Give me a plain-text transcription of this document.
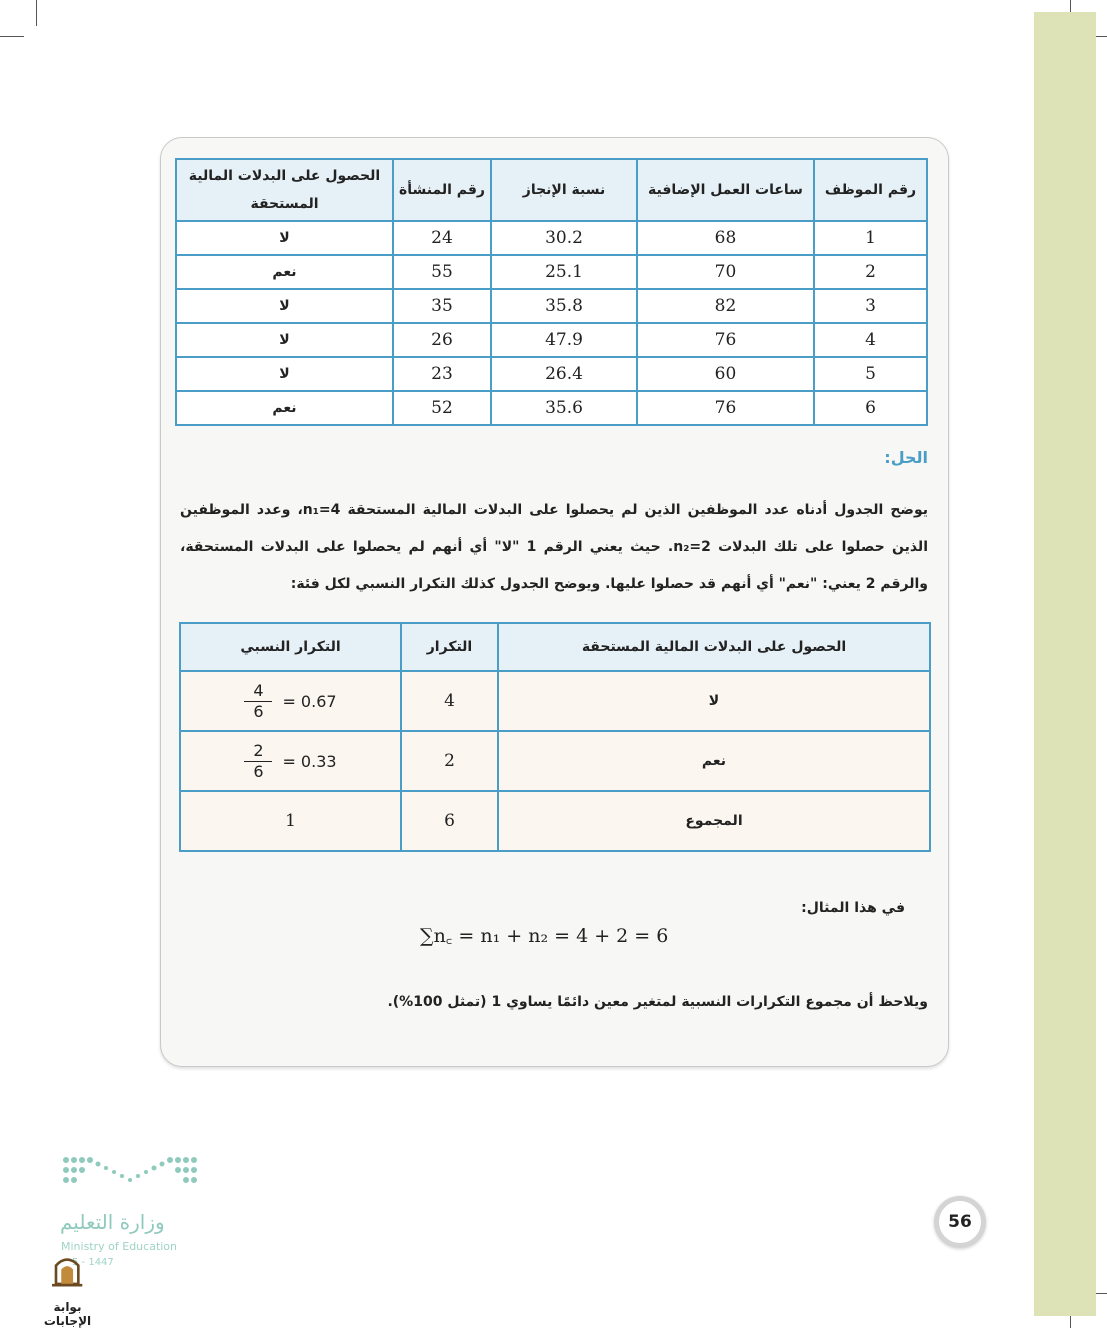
رقم الموظف	ساعات العمل الإضافية	نسبة الإنجاز	رقم المنشأة	الحصول على البدلات المالية المستحقة
1	68	30.2	24	لا
2	70	25.1	55	نعم
3	82	35.8	35	لا
4	76	47.9	26	لا
5	60	26.4	23	لا
6	76	35.6	52	نعم
الحل:
يوضح الجدول أدناه عدد الموظفين الذين لم يحصلوا على البدلات المالية المستحقة n₁=4، وعدد الموظفين الذين حصلوا على تلك البدلات n₂=2. حيث يعني الرقم 1 "لا" أي أنهم لم يحصلوا على البدلات المستحقة، والرقم 2 يعني: "نعم" أي أنهم قد حصلوا عليها. ويوضح الجدول كذلك التكرار النسبي لكل فئة:
الحصول على البدلات المالية المستحقة	التكرار	التكرار النسبي
لا	4	$\frac{4}{6} = 0.67$

نعم	2	$\frac{2}{6} = 0.33$

المجموع	6	1
في هذا المثال:
∑n꜀ = n₁ + n₂ = 4 + 2 = 6
ويلاحظ أن مجموع التكرارات النسبية لمتغير معين دائمًا يساوي 1 (تمثل 100%).
56
وزارة التعليم
Ministry of Education
5 - 1447
بوابة الإجابات
